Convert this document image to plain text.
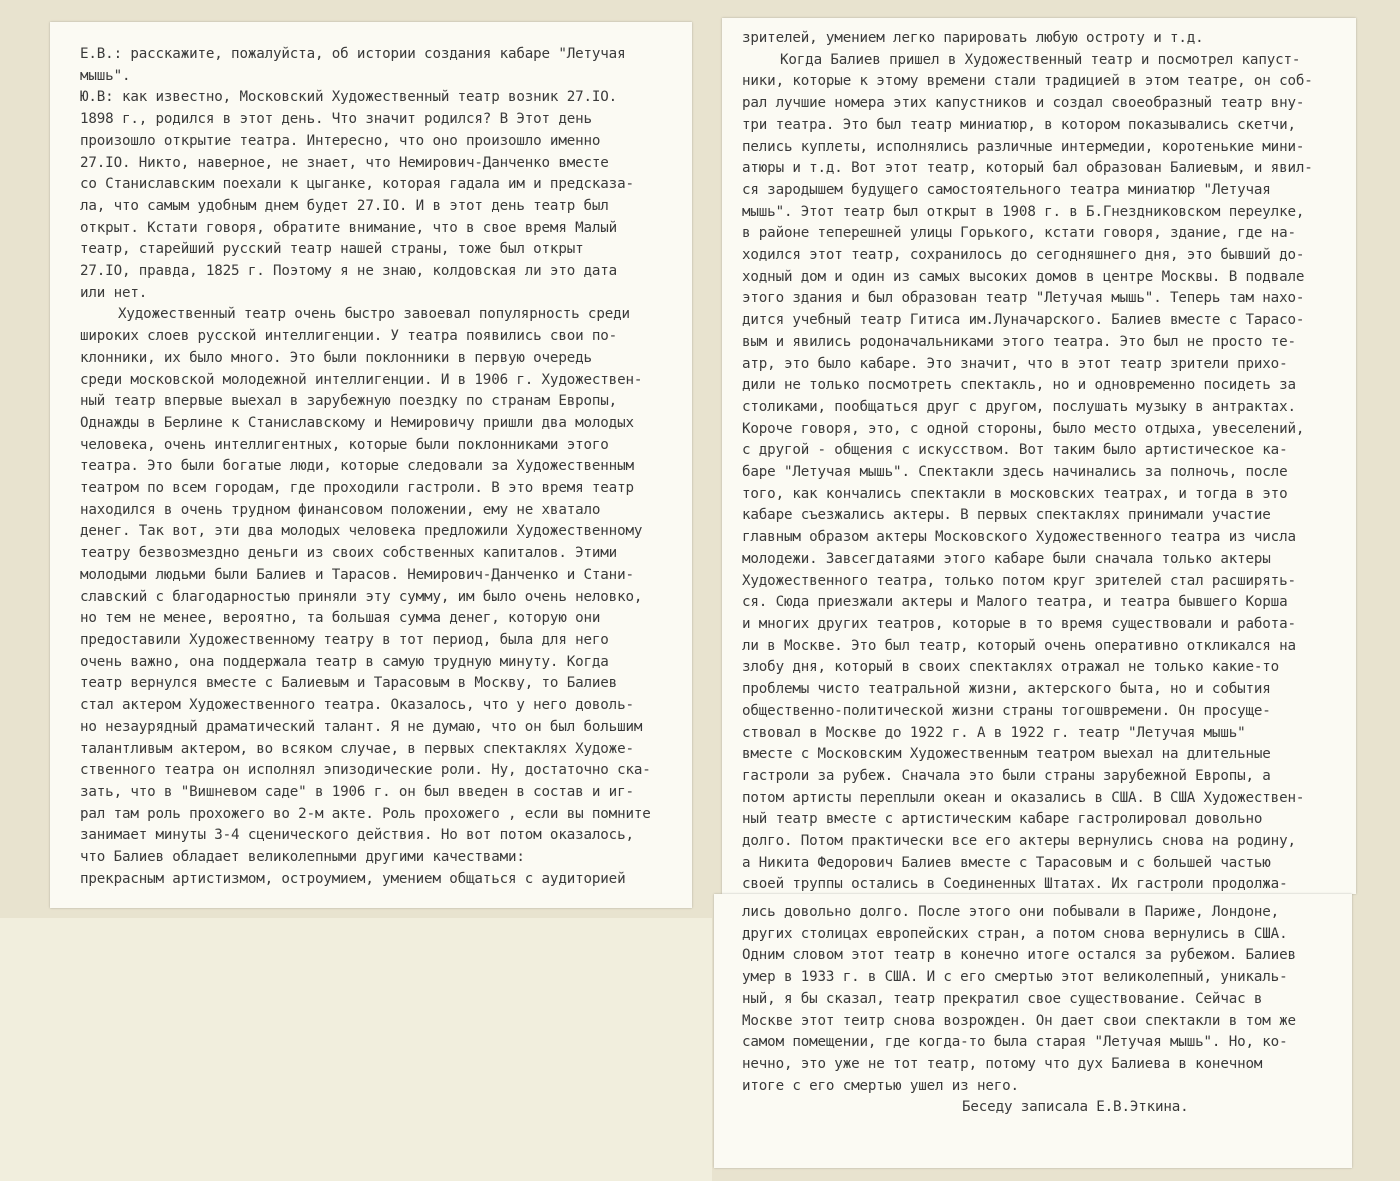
Е.В.: расскажите, пожалуйста, об истории создания кабаре "Летучая
мышь".
Ю.В: как известно, Московский Художественный театр возник 27.IO.
1898 г., родился в этот день. Что значит родился? В Этот день
произошло открытие театра. Интересно, что оно произошло именно
27.IO. Никто, наверное, не знает, что Немирович-Данченко вместе
со Станиславским поехали к цыганке, которая гадала им и предсказа-
ла, что самым удобным днем будет 27.IO. И в этот день театр был
открыт. Кстати говоря, обратите внимание, что в свое время Малый
театр, старейший русский театр нашей страны, тоже был открыт
27.IO, правда, 1825 г. Поэтому я не знаю, колдовская ли это дата
или нет.
Художественный театр очень быстро завоевал популярность среди
широких слоев русской интеллигенции. У театра появились свои по-
клонники, их было много. Это были поклонники в первую очередь
среди московской молодежной интеллигенции. И в 1906 г. Художествен-
ный театр впервые выехал в зарубежную поездку по странам Европы,
Однажды в Берлине к Станиславскому и Немировичу пришли два молодых
человека, очень интеллигентных, которые были поклонниками этого
театра. Это были богатые люди, которые следовали за Художественным
театром по всем городам, где проходили гастроли. В это время театр
находился в очень трудном финансовом положении, ему не хватало
денег. Так вот, эти два молодых человека предложили Художественному
театру безвозмездно деньги из своих собственных капиталов. Этими
молодыми людьми были Балиев и Тарасов. Немирович-Данченко и Стани-
славский с благодарностью приняли эту сумму, им было очень неловко,
но тем не менее, вероятно, та большая сумма денег, которую они
предоставили Художественному театру в тот период, была для него
очень важно, она поддержала театр в самую трудную минуту. Когда
театр вернулся вместе с Балиевым и Тарасовым в Москву, то Балиев
стал актером Художественного театра. Оказалось, что у него доволь-
но незаурядный драматический талант. Я не думаю, что он был большим
талантливым актером, во всяком случае, в первых спектаклях Художе-
ственного театра он исполнял эпизодические роли. Ну, достаточно ска-
зать, что в "Вишневом саде" в 1906 г. он был введен в состав и иг-
рал там роль прохожего во 2-м акте. Роль прохожего , если вы помните
занимает минуты 3-4 сценического действия. Но вот потом оказалось,
что Балиев обладает великолепными другими качествами:
прекрасным артистизмом, остроумием, умением общаться с аудиторией
зрителей, умением легко парировать любую остроту и т.д.
Когда Балиев пришел в Художественный театр и посмотрел капуст-
ники, которые к этому времени стали традицией в этом театре, он соб-
рал лучшие номера этих капустников и создал своеобразный театр вну-
три театра. Это был театр миниатюр, в котором показывались скетчи,
пелись куплеты, исполнялись различные интермедии, коротенькие мини-
атюры и т.д. Вот этот театр, который бал образован Балиевым, и явил-
ся зародышем будущего самостоятельного театра миниатюр "Летучая
мышь". Этот театр был открыт в 1908 г. в Б.Гнездниковском переулке,
в районе теперешней улицы Горького, кстати говоря, здание, где на-
ходился этот театр, сохранилось до сегодняшнего дня, это бывший до-
ходный дом и один из самых высоких домов в центре Москвы. В подвале
этого здания и был образован театр "Летучая мышь". Теперь там нахо-
дится учебный театр Гитиса им.Луначарского. Балиев вместе с Тарасо-
вым и явились родоначальниками этого театра. Это был не просто те-
атр, это было кабаре. Это значит, что в этот театр зрители прихо-
дили не только посмотреть спектакль, но и одновременно посидеть за
столиками, пообщаться друг с другом, послушать музыку в антрактах.
Короче говоря, это, с одной стороны, было место отдыха, увеселений,
с другой - общения с искусством. Вот таким было артистическое ка-
баре "Летучая мышь". Спектакли здесь начинались за полночь, после
того, как кончались спектакли в московских театрах, и тогда в это
кабаре съезжались актеры. В первых спектаклях принимали участие
главным образом актеры Московского Художественного театра из числа
молодежи. Завсегдатаями этого кабаре были сначала только актеры
Художественного театра, только потом круг зрителей стал расширять-
ся. Сюда приезжали актеры и Малого театра, и театра бывшего Корша
и многих других театров, которые в то время существовали и работа-
ли в Москве. Это был театр, который очень оперативно откликался на
злобу дня, который в своих спектаклях отражал не только какие-то
проблемы чисто театральной жизни, актерского быта, но и события
общественно-политической жизни страны тогошвремени. Он просуще-
ствовал в Москве до 1922 г. А в 1922 г. театр "Летучая мышь"
вместе с Московским Художественным театром выехал на длительные
гастроли за рубеж. Сначала это были страны зарубежной Европы, а
потом артисты переплыли океан и оказались в США. В США Художествен-
ный театр вместе с артистическим кабаре гастролировал довольно
долго. Потом практически все его актеры вернулись снова на родину,
а Никита Федорович Балиев вместе с Тарасовым и с большей частью
своей труппы остались в Соединенных Штатах. Их гастроли продолжа-
лись довольно долго. После этого они побывали в Париже, Лондоне,
других столицах европейских стран, а потом снова вернулись в США.
Одним словом этот театр в конечно итоге остался за рубежом. Балиев
умер в 1933 г. в США. И с его смертью этот великолепный, уникаль-
ный, я бы сказал, театр прекратил свое существование. Сейчас в
Москве этот теитр снова возрожден. Он дает свои спектакли в том же
самом помещении, где когда-то была старая "Летучая мышь". Но, ко-
нечно, это уже не тот театр, потому что дух Балиева в конечном
итоге с его смертью ушел из него.
Беседу записала Е.В.Эткина.
